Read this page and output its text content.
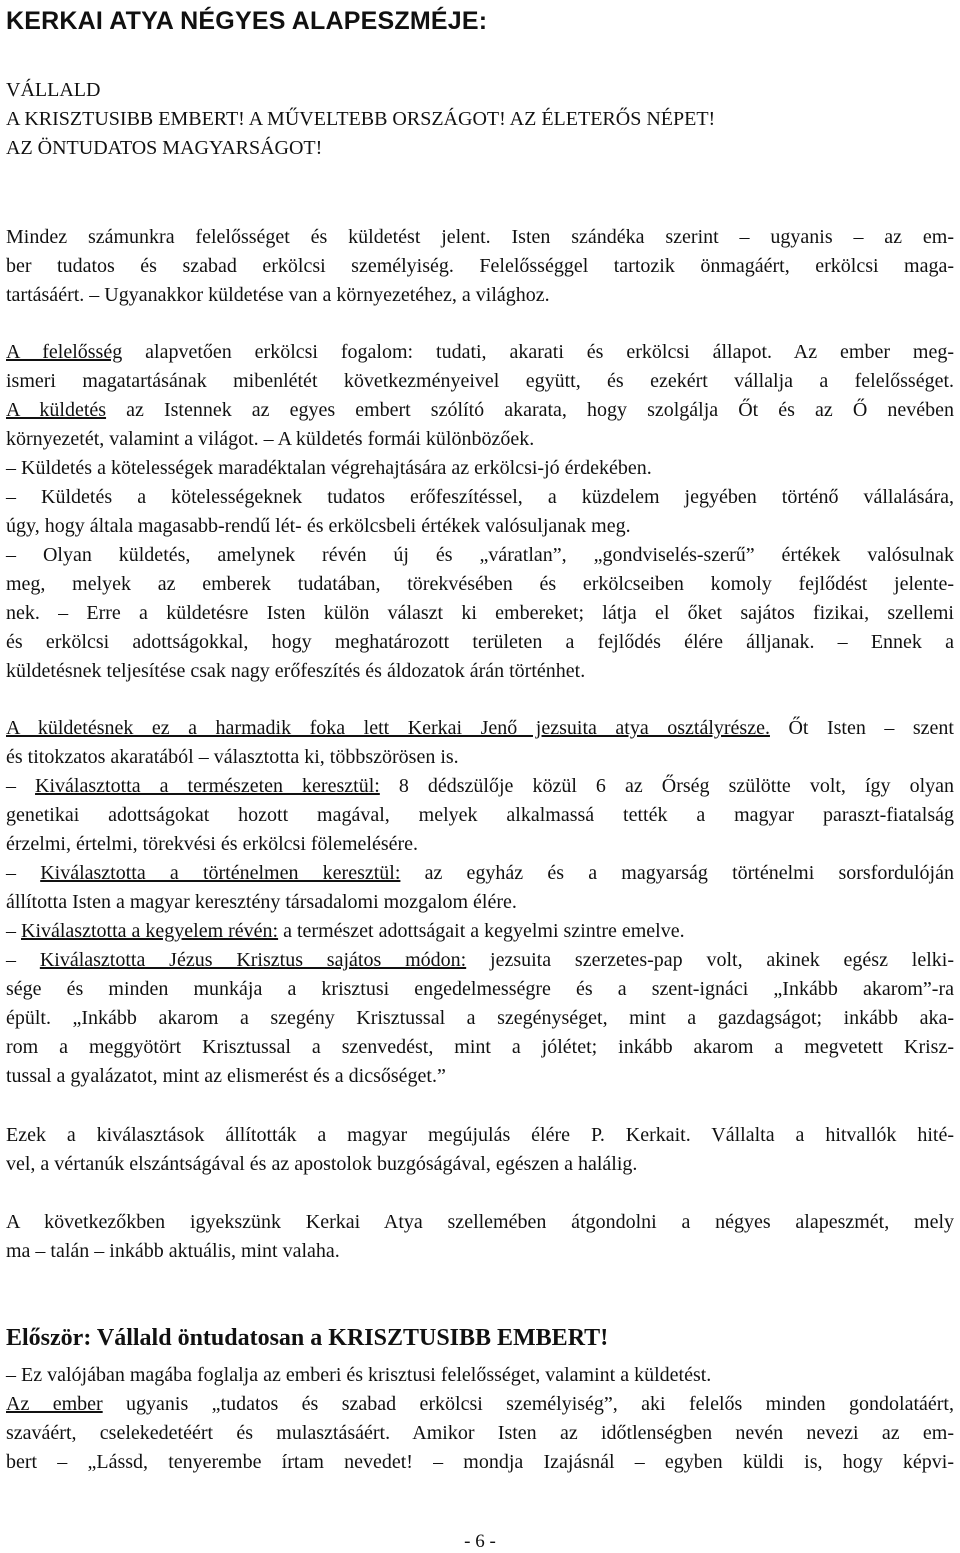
KERKAI ATYA NÉGYES ALAPESZMÉJE:
VÁLLALD
A KRISZTUSIBB EMBERT! A MŰVELTEBB ORSZÁGOT! AZ ÉLETERŐS NÉPET!
AZ ÖNTUDATOS MAGYARSÁGOT!
Mindez számunkra felelősséget és küldetést jelent. Isten szándéka szerint – ugyanis – az em-
ber tudatos és szabad erkölcsi személyiség. Felelősséggel tartozik önmagáért, erkölcsi maga-
tartásáért. – Ugyanakkor küldetése van a környezetéhez, a világhoz.
A felelősség alapvetően erkölcsi fogalom: tudati, akarati és erkölcsi állapot. Az ember meg-
ismeri magatartásának mibenlétét következményeivel együtt, és ezekért vállalja a felelősséget.
A küldetés az Istennek az egyes embert szólító akarata, hogy szolgálja Őt és az Ő nevében
környezetét, valamint a világot. – A küldetés formái különbözőek.
– Küldetés a kötelességek maradéktalan végrehajtására az erkölcsi-jó érdekében.
– Küldetés a kötelességeknek tudatos erőfeszítéssel, a küzdelem jegyében történő vállalására,
úgy, hogy általa magasabb-rendű lét- és erkölcsbeli értékek valósuljanak meg.
– Olyan küldetés, amelynek révén új és „váratlan”, „gondviselés-szerű” értékek valósulnak
meg, melyek az emberek tudatában, törekvésében és erkölcseiben komoly fejlődést jelente-
nek. – Erre a küldetésre Isten külön választ ki embereket; látja el őket sajátos fizikai, szellemi
és erkölcsi adottságokkal, hogy meghatározott területen a fejlődés élére álljanak. – Ennek a
küldetésnek teljesítése csak nagy erőfeszítés és áldozatok árán történhet.
A küldetésnek ez a harmadik foka lett Kerkai Jenő jezsuita atya osztályrésze. Őt Isten – szent
és titokzatos akaratából – választotta ki, többszörösen is.
– Kiválasztotta a természeten keresztül: 8 dédszülője közül 6 az Őrség szülötte volt, így olyan
genetikai adottságokat hozott magával, melyek alkalmassá tették a magyar paraszt-fiatalság
érzelmi, értelmi, törekvési és erkölcsi fölemelésére.
– Kiválasztotta a történelmen keresztül: az egyház és a magyarság történelmi sorsfordulóján
állította Isten a magyar keresztény társadalomi mozgalom élére.
– Kiválasztotta a kegyelem révén: a természet adottságait a kegyelmi szintre emelve.
– Kiválasztotta Jézus Krisztus sajátos módon: jezsuita szerzetes-pap volt, akinek egész lelki-
sége és minden munkája a krisztusi engedelmességre és a szent-ignáci „Inkább akarom”-ra
épült. „Inkább akarom a szegény Krisztussal a szegénységet, mint a gazdagságot; inkább aka-
rom a meggyötört Krisztussal a szenvedést, mint a jólétet; inkább akarom a megvetett Krisz-
tussal a gyalázatot, mint az elismerést és a dicsőséget.”
Ezek a kiválasztások állították a magyar megújulás élére P. Kerkait. Vállalta a hitvallók hité-
vel, a vértanúk elszántságával és az apostolok buzgóságával, egészen a halálig.
A következőkben igyekszünk Kerkai Atya szellemében átgondolni a négyes alapeszmét, mely
ma – talán – inkább aktuális, mint valaha.
Először: Vállald öntudatosan a KRISZTUSIBB EMBERT!
– Ez valójában magába foglalja az emberi és krisztusi felelősséget, valamint a küldetést.
Az ember ugyanis „tudatos és szabad erkölcsi személyiség”, aki felelős minden gondolatáért,
szaváért, cselekedetéért és mulasztásáért. Amikor Isten az időtlenségben nevén nevezi az em-
bert – „Lássd, tenyerembe írtam nevedet! – mondja Izajásnál – egyben küldi is, hogy képvi-
- 6 -
